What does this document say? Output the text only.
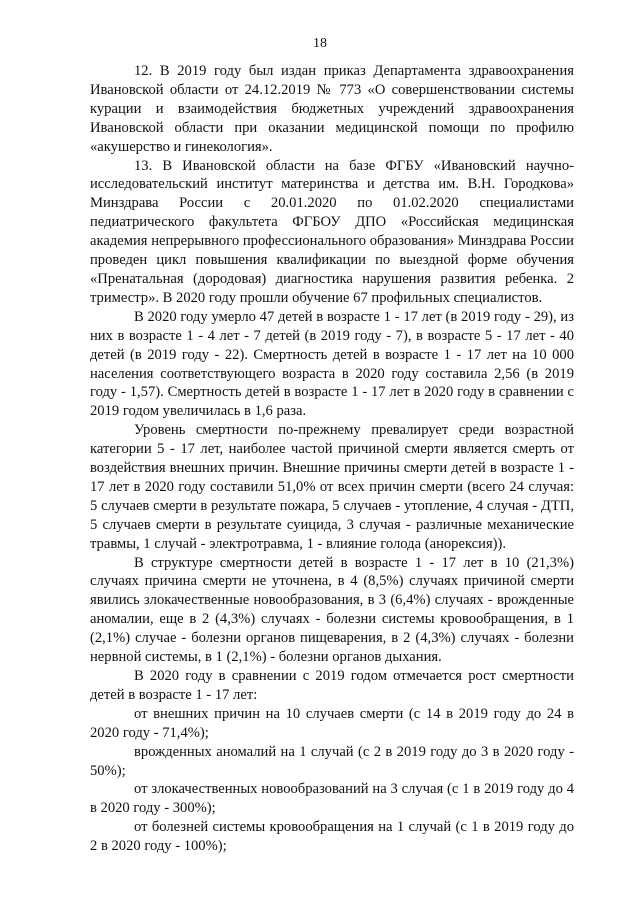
18

12. В 2019 году был издан приказ Департамента здравоохранения Ивановской области от 24.12.2019 № 773 «О совершенствовании системы курации и взаимодействия бюджетных учреждений здравоохранения Ивановской области при оказании медицинской помощи по профилю «акушерство и гинекология».

13. В Ивановской области на базе ФГБУ «Ивановский научно-исследовательский институт материнства и детства им. В.Н. Городкова» Минздрава России с 20.01.2020 по 01.02.2020 специалистами педиатрического факультета ФГБОУ ДПО «Российская медицинская академия непрерывного профессионального образования» Минздрава России проведен цикл повышения квалификации по выездной форме обучения «Пренатальная (дородовая) диагностика нарушения развития ребенка. 2 триместр». В 2020 году прошли обучение 67 профильных специалистов.

В 2020 году умерло 47 детей в возрасте 1 - 17 лет (в 2019 году - 29), из них в возрасте 1 - 4 лет - 7 детей (в 2019 году - 7), в возрасте 5 - 17 лет - 40 детей (в 2019 году - 22). Смертность детей в возрасте 1 - 17 лет на 10 000 населения соответствующего возраста в 2020 году составила 2,56 (в 2019 году - 1,57). Смертность детей в возрасте 1 - 17 лет в 2020 году в сравнении с 2019 годом увеличилась в 1,6 раза.

Уровень смертности по-прежнему превалирует среди возрастной категории 5 - 17 лет, наиболее частой причиной смерти является смерть от воздействия внешних причин. Внешние причины смерти детей в возрасте 1 - 17 лет в 2020 году составили 51,0% от всех причин смерти (всего 24 случая: 5 случаев смерти в результате пожара, 5 случаев - утопление, 4 случая - ДТП, 5 случаев смерти в результате суицида, 3 случая - различные механические травмы, 1 случай - электротравма, 1 - влияние голода (анорексия)).

В структуре смертности детей в возрасте 1 - 17 лет в 10 (21,3%) случаях причина смерти не уточнена, в 4 (8,5%) случаях причиной смерти явились злокачественные новообразования, в 3 (6,4%) случаях - врожденные аномалии, еще в 2 (4,3%) случаях - болезни системы кровообращения, в 1 (2,1%) случае - болезни органов пищеварения, в 2 (4,3%) случаях - болезни нервной системы, в 1 (2,1%) - болезни органов дыхания.

В 2020 году в сравнении с 2019 годом отмечается рост смертности детей в возрасте 1 - 17 лет:

от внешних причин на 10 случаев смерти (с 14 в 2019 году до 24 в 2020 году - 71,4%);

врожденных аномалий на 1 случай (с 2 в 2019 году до 3 в 2020 году - 50%);

от злокачественных новообразований на 3 случая (с 1 в 2019 году до 4 в 2020 году - 300%);

от болезней системы кровообращения на 1 случай (с 1 в 2019 году до 2 в 2020 году - 100%);
